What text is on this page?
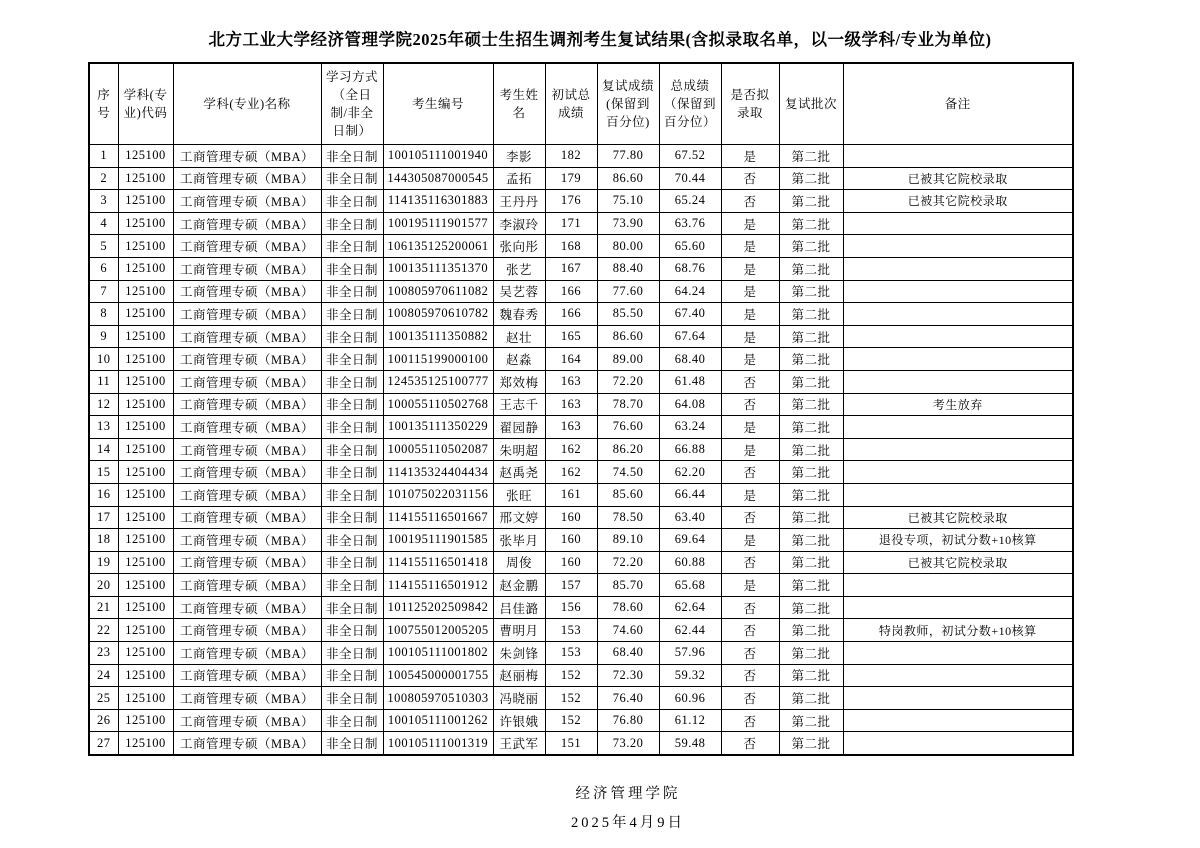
北方工业大学经济管理学院2025年硕士生招生调剂考生复试结果(含拟录取名单，以一级学科/专业为单位)
序号	学科(专业)代码	学科(专业)名称	学习方式（全日制/非全日制）	考生编号	考生姓名	初试总成绩	复试成绩(保留到百分位)	总成绩（保留到百分位）	是否拟录取	复试批次	备注
1	125100	工商管理专硕（MBA）	非全日制	100105111001940	李影	182	77.80	67.52	是	第二批	
2	125100	工商管理专硕（MBA）	非全日制	144305087000545	孟拓	179	86.60	70.44	否	第二批	已被其它院校录取
3	125100	工商管理专硕（MBA）	非全日制	114135116301883	王丹丹	176	75.10	65.24	否	第二批	已被其它院校录取
4	125100	工商管理专硕（MBA）	非全日制	100195111901577	李淑玲	171	73.90	63.76	是	第二批	
5	125100	工商管理专硕（MBA）	非全日制	106135125200061	张向彤	168	80.00	65.60	是	第二批	
6	125100	工商管理专硕（MBA）	非全日制	100135111351370	张艺	167	88.40	68.76	是	第二批	
7	125100	工商管理专硕（MBA）	非全日制	100805970611082	吴艺蓉	166	77.60	64.24	是	第二批	
8	125100	工商管理专硕（MBA）	非全日制	100805970610782	魏春秀	166	85.50	67.40	是	第二批	
9	125100	工商管理专硕（MBA）	非全日制	100135111350882	赵壮	165	86.60	67.64	是	第二批	
10	125100	工商管理专硕（MBA）	非全日制	100115199000100	赵淼	164	89.00	68.40	是	第二批	
11	125100	工商管理专硕（MBA）	非全日制	124535125100777	郑效梅	163	72.20	61.48	否	第二批	
12	125100	工商管理专硕（MBA）	非全日制	100055110502768	王志千	163	78.70	64.08	否	第二批	考生放弃
13	125100	工商管理专硕（MBA）	非全日制	100135111350229	翟园静	163	76.60	63.24	是	第二批	
14	125100	工商管理专硕（MBA）	非全日制	100055110502087	朱明超	162	86.20	66.88	是	第二批	
15	125100	工商管理专硕（MBA）	非全日制	114135324404434	赵禹尧	162	74.50	62.20	否	第二批	
16	125100	工商管理专硕（MBA）	非全日制	101075022031156	张旺	161	85.60	66.44	是	第二批	
17	125100	工商管理专硕（MBA）	非全日制	114155116501667	邢文婷	160	78.50	63.40	否	第二批	已被其它院校录取
18	125100	工商管理专硕（MBA）	非全日制	100195111901585	张毕月	160	89.10	69.64	是	第二批	退役专项，初试分数+10核算
19	125100	工商管理专硕（MBA）	非全日制	114155116501418	周俊	160	72.20	60.88	否	第二批	已被其它院校录取
20	125100	工商管理专硕（MBA）	非全日制	114155116501912	赵金鹏	157	85.70	65.68	是	第二批	
21	125100	工商管理专硕（MBA）	非全日制	101125202509842	吕佳潞	156	78.60	62.64	否	第二批	
22	125100	工商管理专硕（MBA）	非全日制	100755012005205	曹明月	153	74.60	62.44	否	第二批	特岗教师，初试分数+10核算
23	125100	工商管理专硕（MBA）	非全日制	100105111001802	朱剑锋	153	68.40	57.96	否	第二批	
24	125100	工商管理专硕（MBA）	非全日制	100545000001755	赵丽梅	152	72.30	59.32	否	第二批	
25	125100	工商管理专硕（MBA）	非全日制	100805970510303	冯晓丽	152	76.40	60.96	否	第二批	
26	125100	工商管理专硕（MBA）	非全日制	100105111001262	许银娥	152	76.80	61.12	否	第二批	
27	125100	工商管理专硕（MBA）	非全日制	100105111001319	王武军	151	73.20	59.48	否	第二批	
经济管理学院
2025年4月9日
